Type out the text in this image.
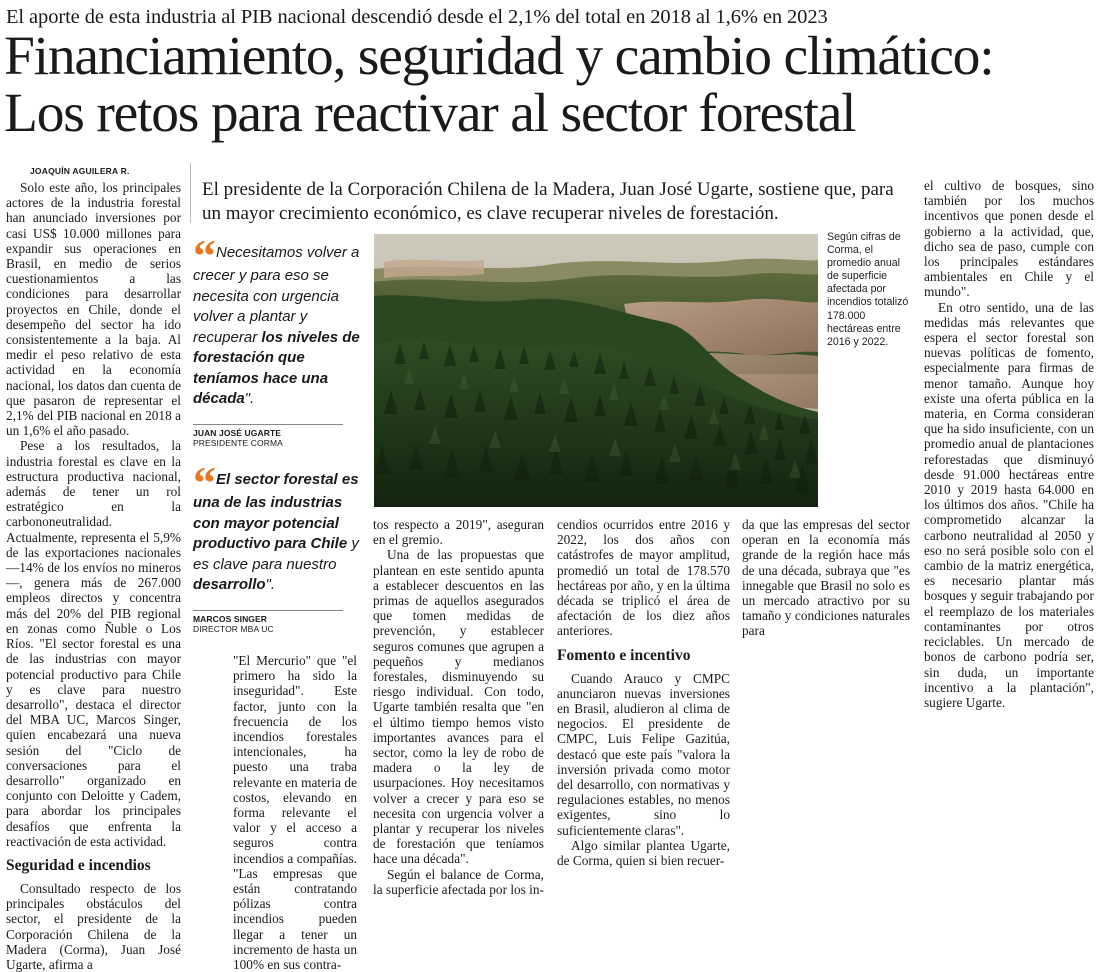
El aporte de esta industria al PIB nacional descendió desde el 2,1% del total en 2018 al 1,6% en 2023
Financiamiento, seguridad y cambio climático:
Los retos para reactivar al sector forestal
JOAQUÍN AGUILERA R.
El presidente de la Corporación Chilena de la Madera, Juan José Ugarte, sostiene que, para un mayor crecimiento económico, es clave recuperar niveles de forestación.

Solo este año, los principales actores de la industria forestal han anunciado inversiones por casi US$ 10.000 millones para expandir sus operaciones en Brasil, en medio de serios cuestionamientos a las condiciones para desarrollar proyectos en Chile, donde el desempeño del sector ha ido consistentemente a la baja. Al medir el peso relativo de esta actividad en la economía nacional, los datos dan cuenta de que pasaron de representar el 2,1% del PIB nacional en 2018 a un 1,6% el año pasado.

Pese a los resultados, la industria forestal es clave en la estructura productiva nacional, además de tener un rol estratégico en la carbononeutralidad. Actualmente, representa el 5,9% de las exportaciones nacionales —14% de los envíos no mineros—, genera más de 267.000 empleos directos y concentra más del 20% del PIB regional en zonas como Ñuble o Los Ríos. "El sector forestal es una de las industrias con mayor potencial productivo para Chile y es clave para nuestro desarrollo", destaca el director del MBA UC, Marcos Singer, quien encabezará una nueva sesión del "Ciclo de conversaciones para el desarrollo" organizado en conjunto con Deloitte y Cadem, para abordar los principales desafíos que enfrenta la reactivación de esta actividad.

Seguridad e incendios

Consultado respecto de los principales obstáculos del sector, el presidente de la Corporación Chilena de la Madera (Corma), Juan José Ugarte, afirma a

“ Necesitamos volver a crecer y para eso se necesita con urgencia volver a plantar y recuperar los niveles de forestación que teníamos hace una década".
JUAN JOSÉ UGARTE
PRESIDENTE CORMA
“ El sector forestal es una de las industrias con mayor potencial productivo para Chile y es clave para nuestro desarrollo".
MARCOS SINGER
DIRECTOR MBA UC
Según cifras de Corma, el promedio anual de superficie afectada por incendios totalizó 178.000 hectáreas entre 2016 y 2022.

"El Mercurio" que "el primero ha sido la inseguridad". Este factor, junto con la frecuencia de los incendios forestales intencionales, ha puesto una traba relevante en materia de costos, elevando en forma relevante el valor y el acceso a seguros contra incendios a compañías. "Las empresas que están contratando pólizas contra incendios pueden llegar a tener un incremento de hasta un 100% en sus contra-

tos respecto a 2019", aseguran en el gremio.

Una de las propuestas que plantean en este sentido apunta a establecer descuentos en las primas de aquellos asegurados que tomen medidas de prevención, y establecer seguros comunes que agrupen a pequeños y medianos forestales, disminuyendo su riesgo individual. Con todo, Ugarte también resalta que "en el último tiempo hemos visto importantes avances para el sector, como la ley de robo de madera o la ley de usurpaciones. Hoy necesitamos volver a crecer y para eso se necesita con urgencia volver a plantar y recuperar los niveles de forestación que teníamos hace una década".

Según el balance de Corma, la superficie afectada por los in-

cendios ocurridos entre 2016 y 2022, los dos años con catástrofes de mayor amplitud, promedió un total de 178.570 hectáreas por año, y en la última década se triplicó el área de afectación de los diez años anteriores.

Fomento e incentivo

Cuando Arauco y CMPC anunciaron nuevas inversiones en Brasil, aludieron al clima de negocios. El presidente de CMPC, Luis Felipe Gazitúa, destacó que este país "valora la inversión privada como motor del desarrollo, con normativas y regulaciones estables, no menos exigentes, sino lo suficientemente claras".

Algo similar plantea Ugarte, de Corma, quien si bien recuer-

da que las empresas del sector operan en la economía más grande de la región hace más de una década, subraya que "es innegable que Brasil no solo es un mercado atractivo por su tamaño y condiciones naturales para

el cultivo de bosques, sino también por los muchos incentivos que ponen desde el gobierno a la actividad, que, dicho sea de paso, cumple con los principales estándares ambientales en Chile y el mundo".

En otro sentido, una de las medidas más relevantes que espera el sector forestal son nuevas políticas de fomento, especialmente para firmas de menor tamaño. Aunque hoy existe una oferta pública en la materia, en Corma consideran que ha sido insuficiente, con un promedio anual de plantaciones reforestadas que disminuyó desde 91.000 hectáreas entre 2010 y 2019 hasta 64.000 en los últimos dos años. "Chile ha comprometido alcanzar la carbono neutralidad al 2050 y eso no será posible solo con el cambio de la matriz energética, es necesario plantar más bosques y seguir trabajando por el reemplazo de los materiales contaminantes por otros reciclables. Un mercado de bonos de carbono podría ser, sin duda, un importante incentivo a la plantación", sugiere Ugarte.
